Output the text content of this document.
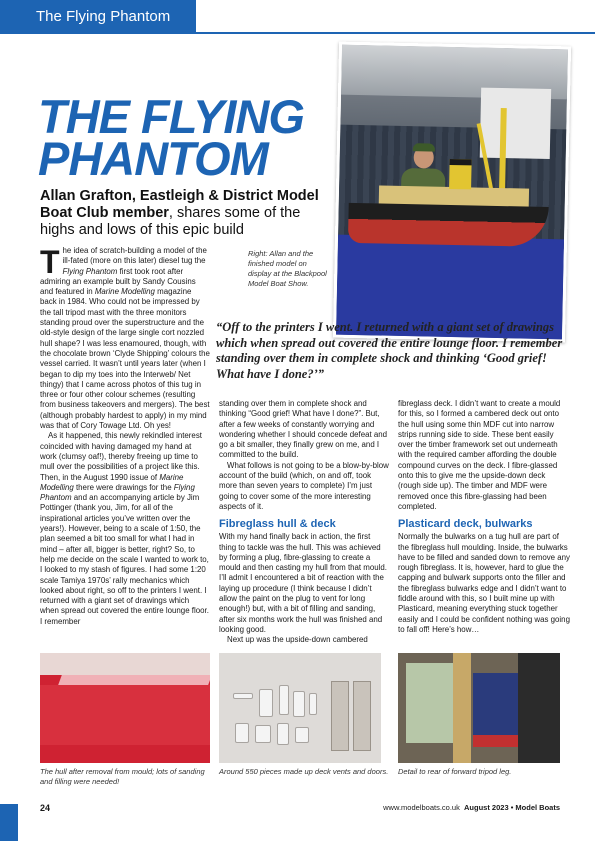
The Flying Phantom
THE FLYING
PHANTOM
Allan Grafton, Eastleigh & District Model Boat Club member, shares some of the highs and lows of this epic build
Right: Allan and the finished model on display at the Blackpool Model Boat Show.
“Off to the printers I went. I returned with a giant set of drawings which when spread out covered the entire lounge floor. I remember standing over them in complete shock and thinking ‘Good grief! What have I done?’”

The idea of scratch-building a model of the ill-fated (more on this later) diesel tug the Flying Phantom first took root after admiring an example built by Sandy Cousins and featured in Marine Modelling magazine back in 1984. Who could not be impressed by the tall tripod mast with the three monitors standing proud over the superstructure and the old-style design of the large single cort nozzled hull shape? I was less enamoured, though, with the chocolate brown ‘Clyde Shipping’ colours the vessel carried. It wasn’t until years later (when I began to dip my toes into the Interweb/ Net thingy) that I came across photos of this tug in three or four other colour schemes (resulting from business takeovers and mergers). The best (although probably hardest to apply) in my mind was that of Cory Towage Ltd. Oh yes!

As it happened, this newly rekindled interest coincided with having damaged my hand at work (clumsy oaf!), thereby freeing up time to mull over the possibilities of a project like this. Then, in the August 1990 issue of Marine Modelling there were drawings for the Flying Phantom and an accompanying article by Jim Pottinger (thank you, Jim, for all of the inspirational articles you’ve written over the years!). However, being to a scale of 1:50, the plan seemed a bit too small for what I had in mind – after all, bigger is better, right? So, to help me decide on the scale I wanted to work to, I looked to my stash of figures. I had some 1:20 scale Tamiya 1970s’ rally mechanics which looked about right, so off to the printers I went. I returned with a giant set of drawings which when spread out covered the entire lounge floor. I remember

standing over them in complete shock and thinking “Good grief! What have I done?”. But, after a few weeks of constantly worrying and wondering whether I should concede defeat and go a bit smaller, they finally grew on me, and I committed to the build.

What follows is not going to be a blow-by-blow account of the build (which, on and off, took more than seven years to complete) I’m just going to cover some of the more interesting aspects of it.

Fibreglass hull & deck

With my hand finally back in action, the first thing to tackle was the hull. This was achieved by forming a plug, fibre-glassing to create a mould and then casting my hull from that mould. I’ll admit I encountered a bit of reaction with the laying up procedure (I think because I didn’t allow the paint on the plug to vent for long enough!) but, with a bit of filling and sanding, after six months work the hull was finished and looking good.

Next up was the upside-down cambered

fibreglass deck. I didn’t want to create a mould for this, so I formed a cambered deck out onto the hull using some thin MDF cut into narrow strips running side to side. These bent easily over the timber framework set out underneath with the required camber affording the double compound curves on the deck. I fibre-glassed onto this to give me the upside-down deck (rough side up). The timber and MDF were removed once this fibre-glassing had been completed.

Plasticard deck, bulwarks

Normally the bulwarks on a tug hull are part of the fibreglass hull moulding. Inside, the bulwarks have to be filled and sanded down to remove any rough fibreglass. It is, however, hard to glue the capping and bulwark supports onto the filler and the fibreglass bulwarks edge and I didn’t want to fiddle around with this, so I built mine up with Plasticard, meaning everything stuck together easily and I could be confident nothing was going to fall off! Here’s how…

The hull after removal from mould; lots of sanding and filling were needed!
Around 550 pieces made up deck vents and doors. Detail to rear of forward tripod leg.
24	www.modelboats.co.uk August 2023 • Model Boats
